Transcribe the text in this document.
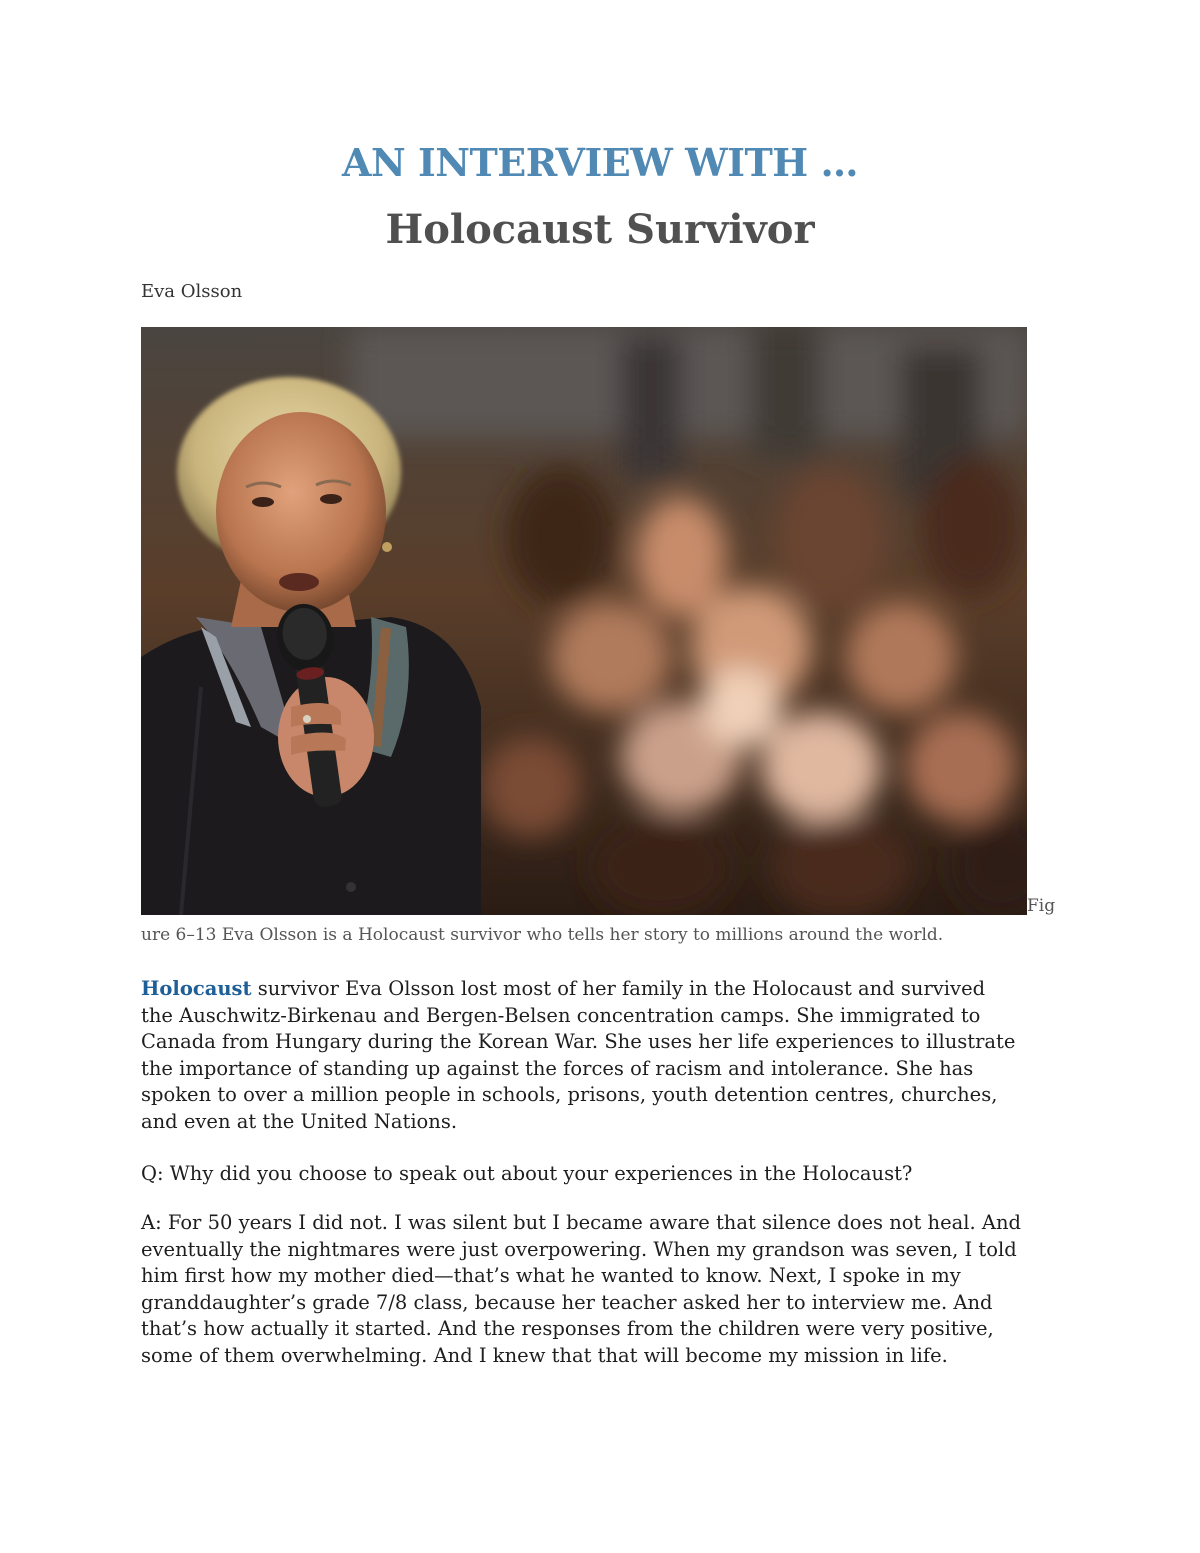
AN INTERVIEW WITH …
Holocaust Survivor

Eva Olsson

Fig
ure 6–13 Eva Olsson is a Holocaust survivor who tells her story to millions around the world.

Holocaust survivor Eva Olsson lost most of her family in the Holocaust and survived
the Auschwitz-Birkenau and Bergen-Belsen concentration camps. She immigrated to
Canada from Hungary during the Korean War. She uses her life experiences to illustrate
the importance of standing up against the forces of racism and intolerance. She has
spoken to over a million people in schools, prisons, youth detention centres, churches,
and even at the United Nations.

Q: Why did you choose to speak out about your experiences in the Holocaust?

A: For 50 years I did not. I was silent but I became aware that silence does not heal. And
eventually the nightmares were just overpowering. When my grandson was seven, I told
him first how my mother died—that’s what he wanted to know. Next, I spoke in my
granddaughter’s grade 7/8 class, because her teacher asked her to interview me. And
that’s how actually it started. And the responses from the children were very positive,
some of them overwhelming. And I knew that that will become my mission in life.
